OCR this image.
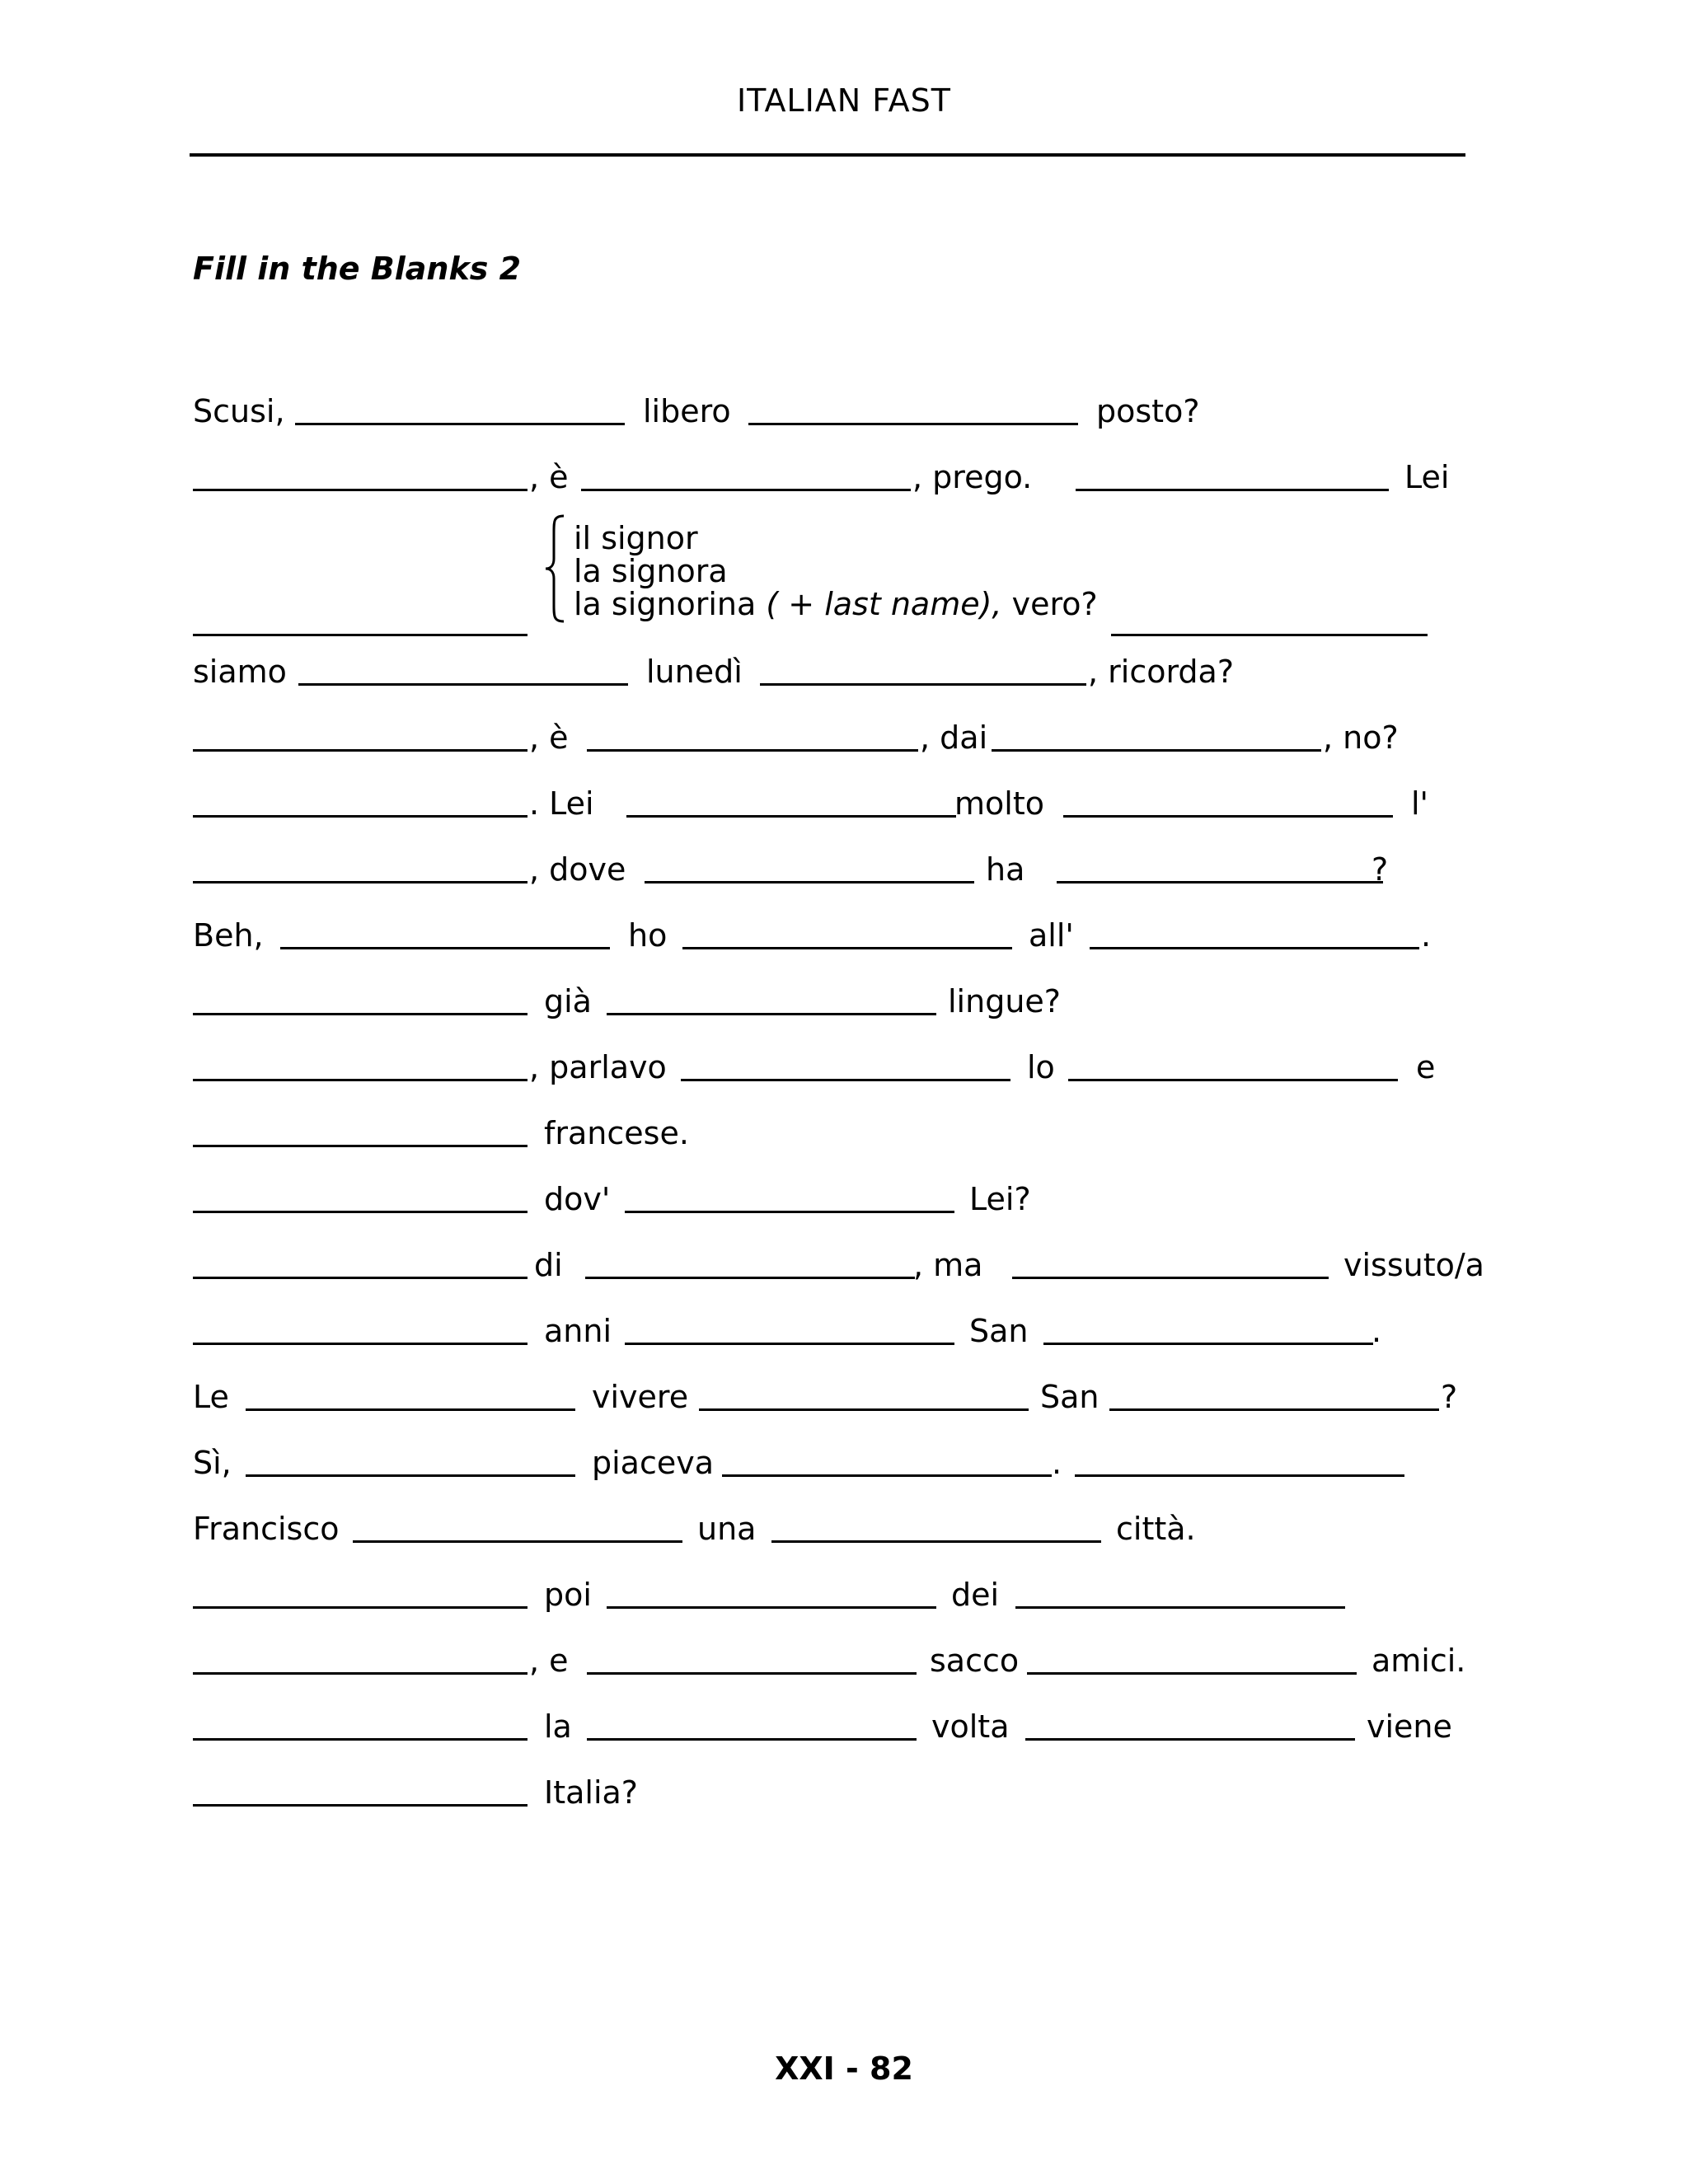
ITALIAN FAST
Fill in the Blanks 2
Scusi,	libero	posto?
, è	, prego.	Lei
il signor
la signora
la signorina ( + last name), vero?
siamo	lunedì	, ricorda?
, è	, dai	, no?
. Lei	molto	l'
, dove	ha	?
Beh,	ho	all'	.
già	lingue?
, parlavo	lo	e
francese.
dov'	Lei?
di	, ma	vissuto/a
anni	San	.
Le	vivere	San	?
Sì,	piaceva	.
Francisco	una	città.
poi	dei
, e	sacco	amici.
la	volta	viene
Italia?
XXI - 82
